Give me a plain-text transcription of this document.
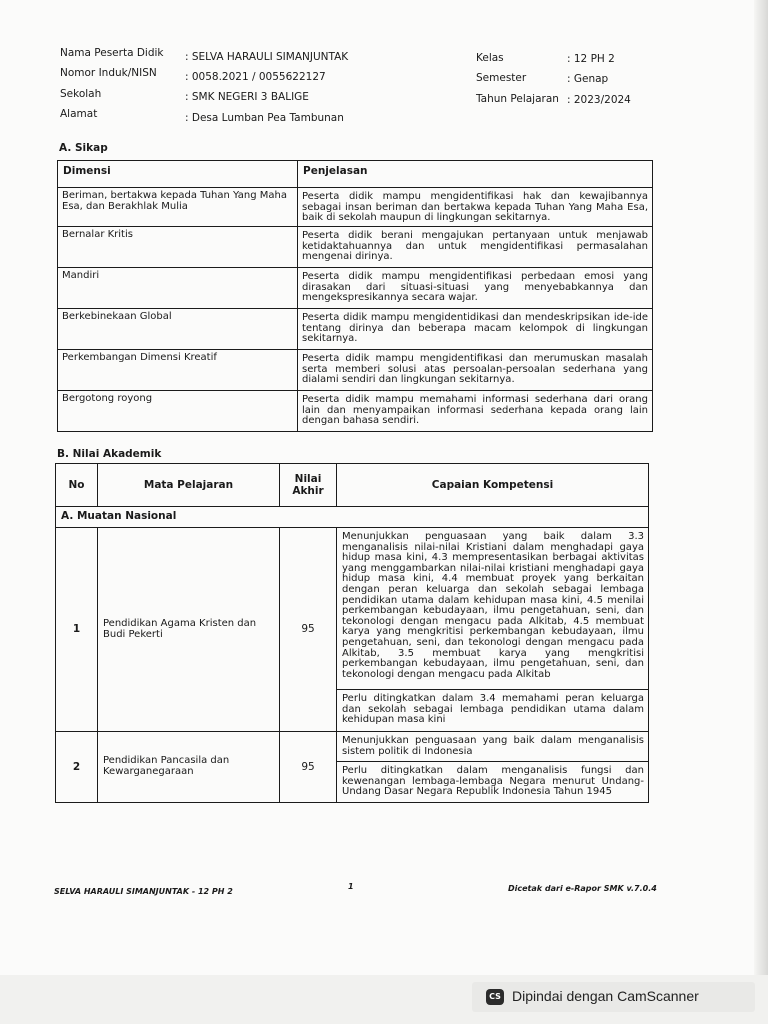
Nama Peserta Didik : SELVA HARAULI SIMANJUNTAK
Nomor Induk/NISN	: 0058.2021 / 0055622127
Sekolah	: SMK NEGERI 3 BALIGE
Alamat	: Desa Lumban Pea Tambunan
Kelas	: 12 PH 2
Semester	: Genap
Tahun Pelajaran : 2023/2024
A. Sikap
Dimensi	Penjelasan
Beriman, bertakwa kepada Tuhan Yang Maha Esa, dan Berakhlak Mulia	Peserta didik mampu mengidentifikasi hak dan kewajibannya sebagai insan beriman dan bertakwa kepada Tuhan Yang Maha Esa, baik di sekolah maupun di lingkungan sekitarnya.
Bernalar Kritis	Peserta didik berani mengajukan pertanyaan untuk menjawab ketidaktahuannya dan untuk mengidentifikasi permasalahan mengenai dirinya.
Mandiri	Peserta didik mampu mengidentifikasi perbedaan emosi yang dirasakan dari situasi-situasi yang menyebabkannya dan mengekspresikannya secara wajar.
Berkebinekaan Global	Peserta didik mampu mengidentidikasi dan mendeskripsikan ide-ide tentang dirinya dan beberapa macam kelompok di lingkungan sekitarnya.
Perkembangan Dimensi Kreatif	Peserta didik mampu mengidentifikasi dan merumuskan masalah serta memberi solusi atas persoalan-persoalan sederhana yang dialami sendiri dan lingkungan sekitarnya.
Bergotong royong	Peserta didik mampu memahami informasi sederhana dari orang lain dan menyampaikan informasi sederhana kepada orang lain dengan bahasa sendiri.
B. Nilai Akademik
No	Mata Pelajaran	Nilai Akhir	Capaian Kompetensi
A. Muatan Nasional			
1	Pendidikan Agama Kristen dan Budi Pekerti	95	Menunjukkan penguasaan yang baik dalam 3.3 menganalisis nilai-nilai Kristiani dalam menghadapi gaya hidup masa kini, 4.3 mempresentasikan berbagai aktivitas yang menggambarkan nilai-nilai kristiani menghadapi gaya hidup masa kini, 4.4 membuat proyek yang berkaitan dengan peran keluarga dan sekolah sebagai lembaga pendidikan utama dalam kehidupan masa kini, 4.5 menilai perkembangan kebudayaan, ilmu pengetahuan, seni, dan tekonologi dengan mengacu pada Alkitab, 4.5 membuat karya yang mengkritisi perkembangan kebudayaan, ilmu pengetahuan, seni, dan tekonologi dengan mengacu pada Alkitab, 3.5 membuat karya yang mengkritisi perkembangan kebudayaan, ilmu pengetahuan, seni, dan tekonologi dengan mengacu pada Alkitab
			Perlu ditingkatkan dalam 3.4 memahami peran keluarga dan sekolah sebagai lembaga pendidikan utama dalam kehidupan masa kini
2	Pendidikan Pancasila dan Kewarganegaraan	95	Menunjukkan penguasaan yang baik dalam menganalisis sistem politik di Indonesia
			Perlu ditingkatkan dalam menganalisis fungsi dan kewenangan lembaga-lembaga Negara menurut Undang-Undang Dasar Negara Republik Indonesia Tahun 1945
SELVA HARAULI SIMANJUNTAK - 12 PH 2
1	Dicetak dari e-Rapor SMK v.7.0.4
CS Dipindai dengan CamScanner
